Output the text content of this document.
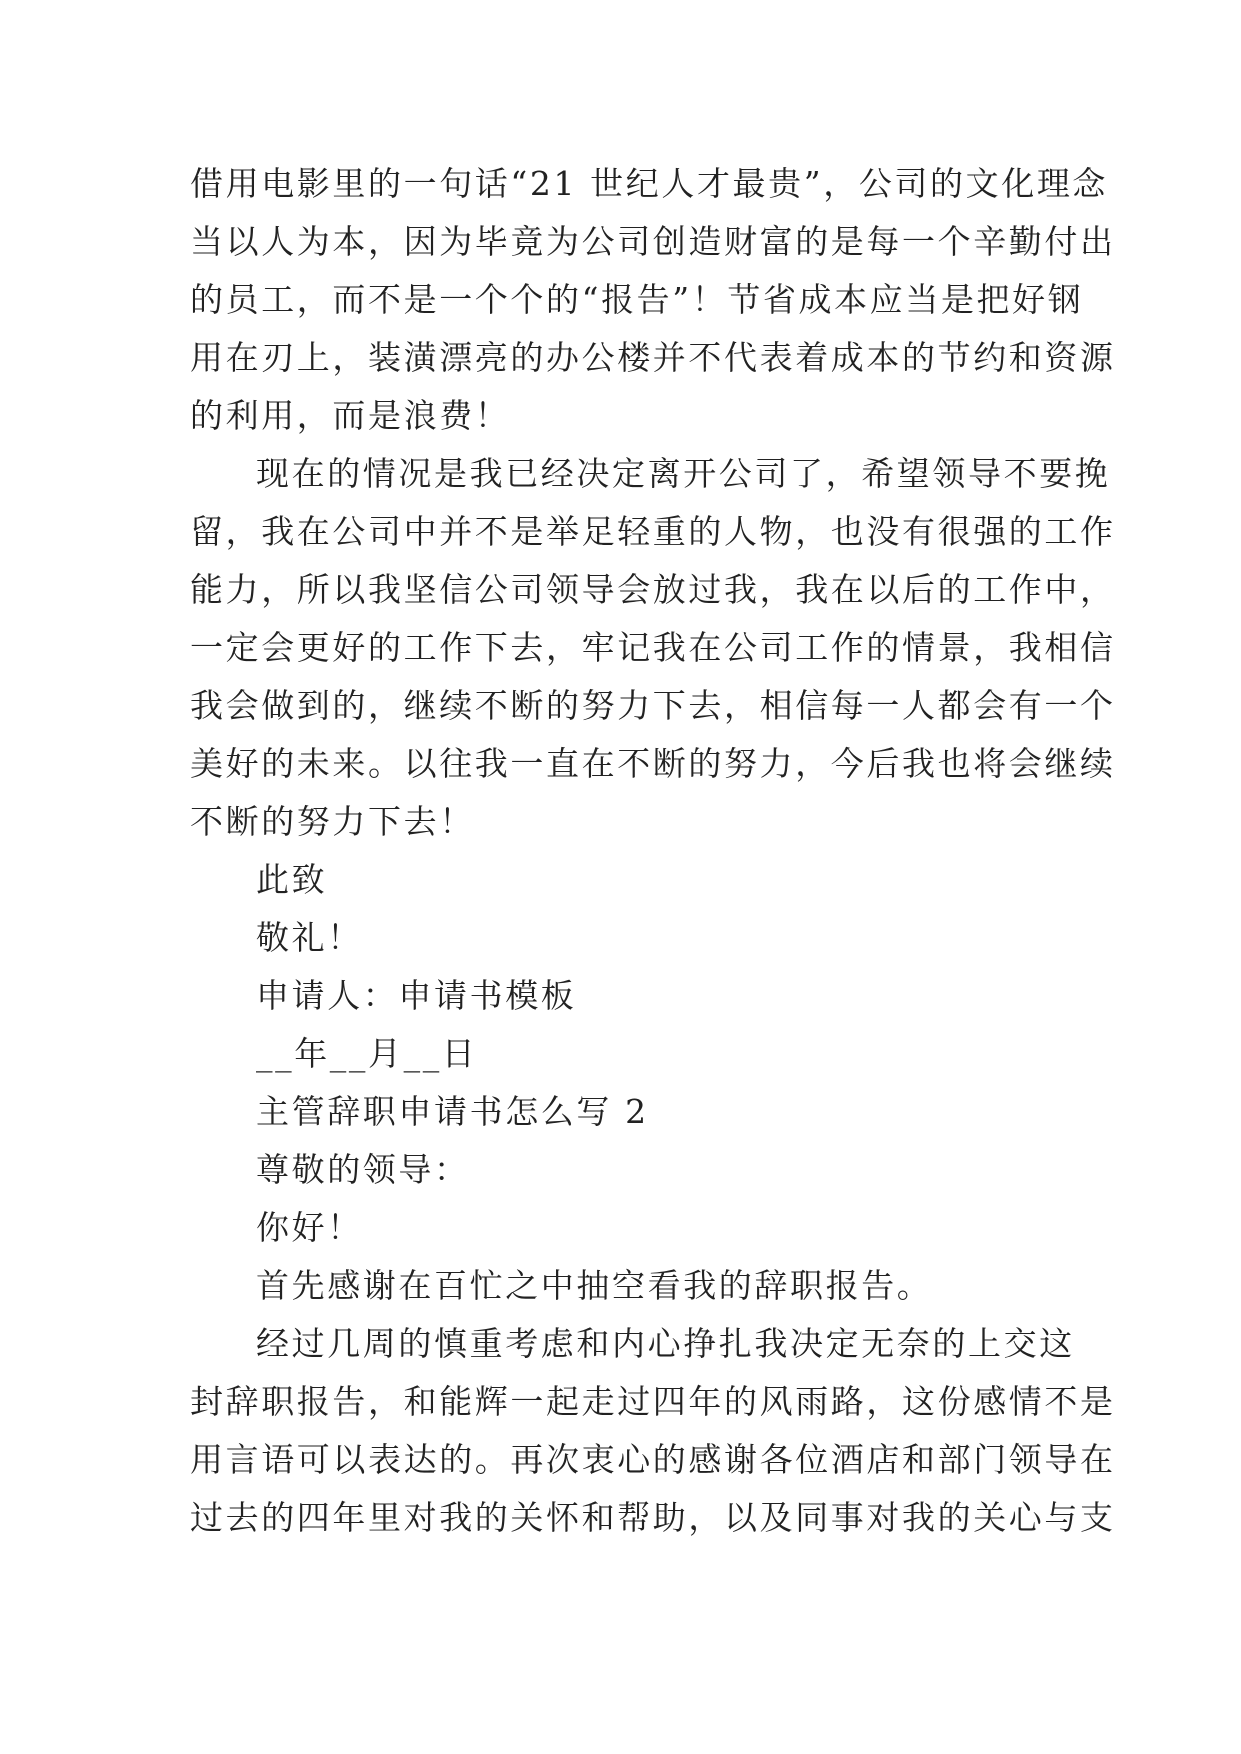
借用电影里的一句话“21 世纪人才最贵”，公司的文化理念
当以人为本，因为毕竟为公司创造财富的是每一个辛勤付出
的员工，而不是一个个的“报告”！节省成本应当是把好钢
用在刃上，装潢漂亮的办公楼并不代表着成本的节约和资源
的利用，而是浪费！
现在的情况是我已经决定离开公司了，希望领导不要挽
留，我在公司中并不是举足轻重的人物，也没有很强的工作
能力，所以我坚信公司领导会放过我，我在以后的工作中，
一定会更好的工作下去，牢记我在公司工作的情景，我相信
我会做到的，继续不断的努力下去，相信每一人都会有一个
美好的未来。以往我一直在不断的努力，今后我也将会继续
不断的努力下去！
此致
敬礼！
申请人：申请书模板
__年__月__日
主管辞职申请书怎么写 2
尊敬的领导：
你好！
首先感谢在百忙之中抽空看我的辞职报告。
经过几周的慎重考虑和内心挣扎我决定无奈的上交这
封辞职报告，和能辉一起走过四年的风雨路，这份感情不是
用言语可以表达的。再次衷心的感谢各位酒店和部门领导在
过去的四年里对我的关怀和帮助，以及同事对我的关心与支
